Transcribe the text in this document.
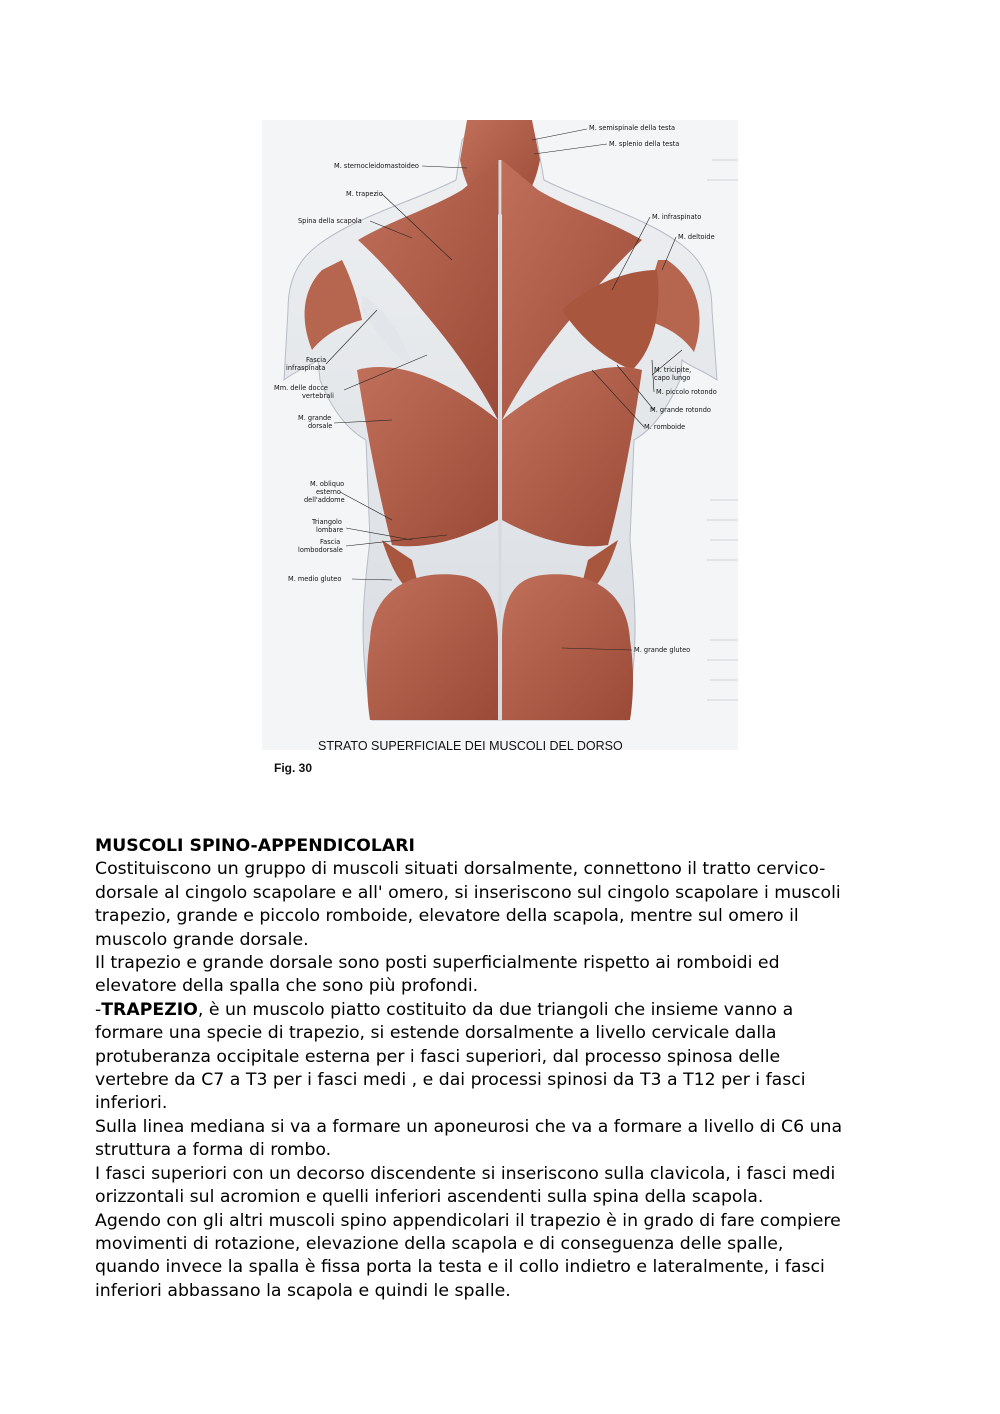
M. semispinale della testa
M. splenio della testa
M. sternocleidomastoideo
M. trapezio
Spina della scapola	M. infraspinato
M. deltoide
Fascia
infraspinata
Mm. delle docce
vertebrali
M. grande
dorsale
M. tricipite,
capo lungo
M. piccolo rotondo
M. grande rotondo
M. romboide
M. obliquo
esterno
dell'addome
Triangolo
lombare
Fascia
lombodorsale
M. medio gluteo
M. grande gluteo
STRATO SUPERFICIALE DEI MUSCOLI DEL DORSO
Fig. 30

MUSCOLI SPINO-APPENDICOLARI

Costituiscono un gruppo di muscoli situati dorsalmente, connettono il tratto cervico-

dorsale al cingolo scapolare e all' omero, si inseriscono sul cingolo scapolare i muscoli

trapezio, grande e piccolo romboide, elevatore della scapola, mentre sul omero il

muscolo grande dorsale.

Il trapezio e grande dorsale sono posti superficialmente rispetto ai romboidi ed

elevatore della spalla che sono più profondi.

-TRAPEZIO, è un muscolo piatto costituito da due triangoli che insieme vanno a

formare una specie di trapezio, si estende dorsalmente a livello cervicale dalla

protuberanza occipitale esterna per i fasci superiori, dal processo spinosa delle

vertebre da C7 a T3 per i fasci medi , e dai processi spinosi da T3 a T12 per i fasci

inferiori.

Sulla linea mediana si va a formare un aponeurosi che va a formare a livello di C6 una

struttura a forma di rombo.

I fasci superiori con un decorso discendente si inseriscono sulla clavicola, i fasci medi

orizzontali sul acromion e quelli inferiori ascendenti sulla spina della scapola.

Agendo con gli altri muscoli spino appendicolari il trapezio è in grado di fare compiere

movimenti di rotazione, elevazione della scapola e di conseguenza delle spalle,

quando invece la spalla è fissa porta la testa e il collo indietro e lateralmente, i fasci

inferiori abbassano la scapola e quindi le spalle.
